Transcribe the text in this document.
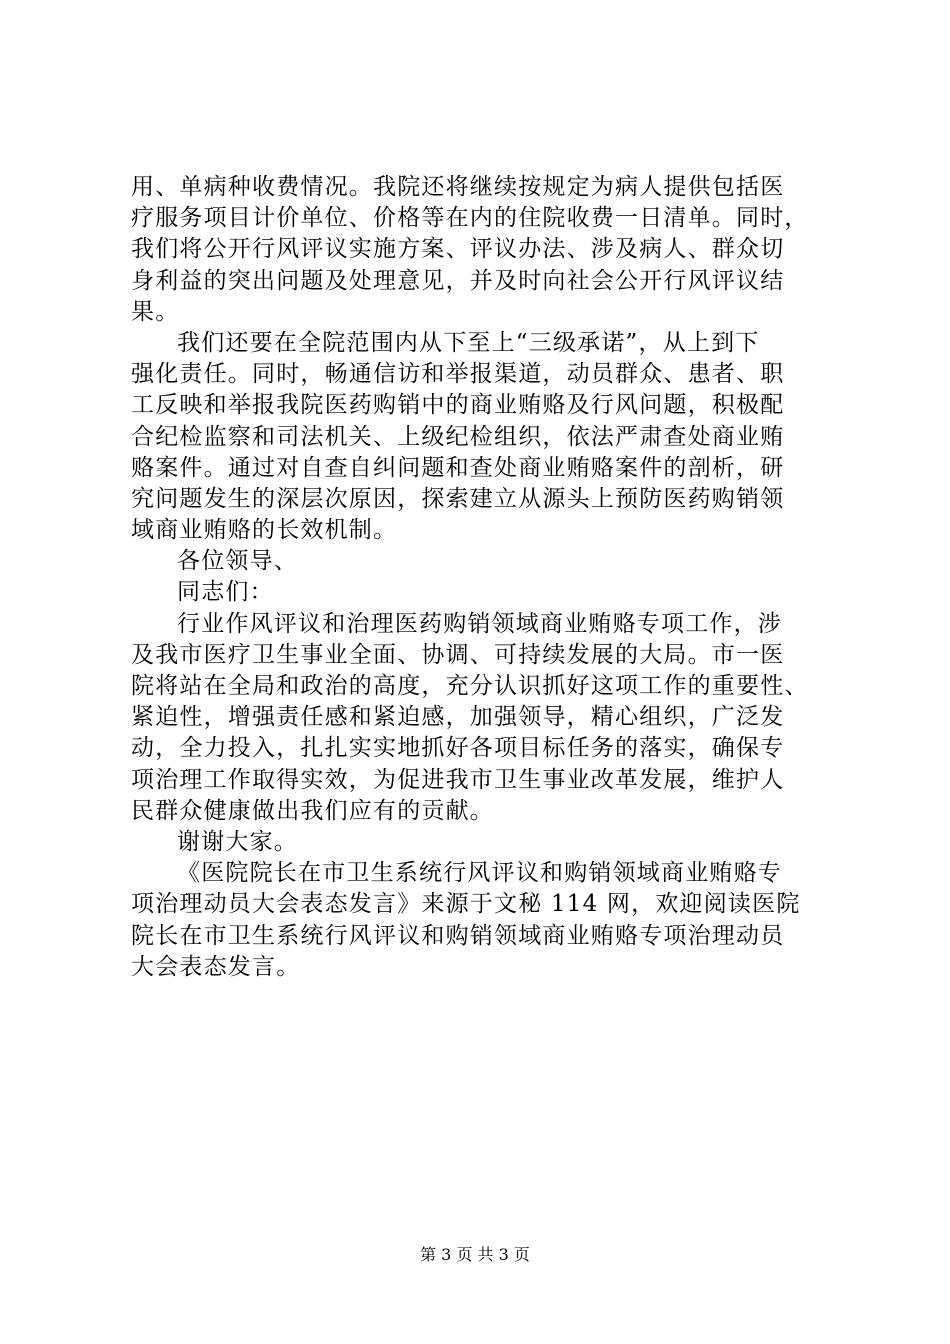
用、单病种收费情况。我院还将继续按规定为病人提供包括医
疗服务项目计价单位、价格等在内的住院收费一日清单。同时，
我们将公开行风评议实施方案、评议办法、涉及病人、群众切
身利益的突出问题及处理意见，并及时向社会公开行风评议结
果。
我们还要在全院范围内从下至上“三级承诺”，从上到下
强化责任。同时，畅通信访和举报渠道，动员群众、患者、职
工反映和举报我院医药购销中的商业贿赂及行风问题，积极配
合纪检监察和司法机关、上级纪检组织，依法严肃查处商业贿
赂案件。通过对自查自纠问题和查处商业贿赂案件的剖析，研
究问题发生的深层次原因，探索建立从源头上预防医药购销领
域商业贿赂的长效机制。
各位领导、
同志们：
行业作风评议和治理医药购销领域商业贿赂专项工作，涉
及我市医疗卫生事业全面、协调、可持续发展的大局。市一医
院将站在全局和政治的高度，充分认识抓好这项工作的重要性、
紧迫性，增强责任感和紧迫感，加强领导，精心组织，广泛发
动，全力投入，扎扎实实地抓好各项目标任务的落实，确保专
项治理工作取得实效，为促进我市卫生事业改革发展，维护人
民群众健康做出我们应有的贡献。
谢谢大家。
《医院院长在市卫生系统行风评议和购销领域商业贿赂专
项治理动员大会表态发言》来源于文秘 114 网，欢迎阅读医院
院长在市卫生系统行风评议和购销领域商业贿赂专项治理动员
大会表态发言。
第 3 页 共 3 页
